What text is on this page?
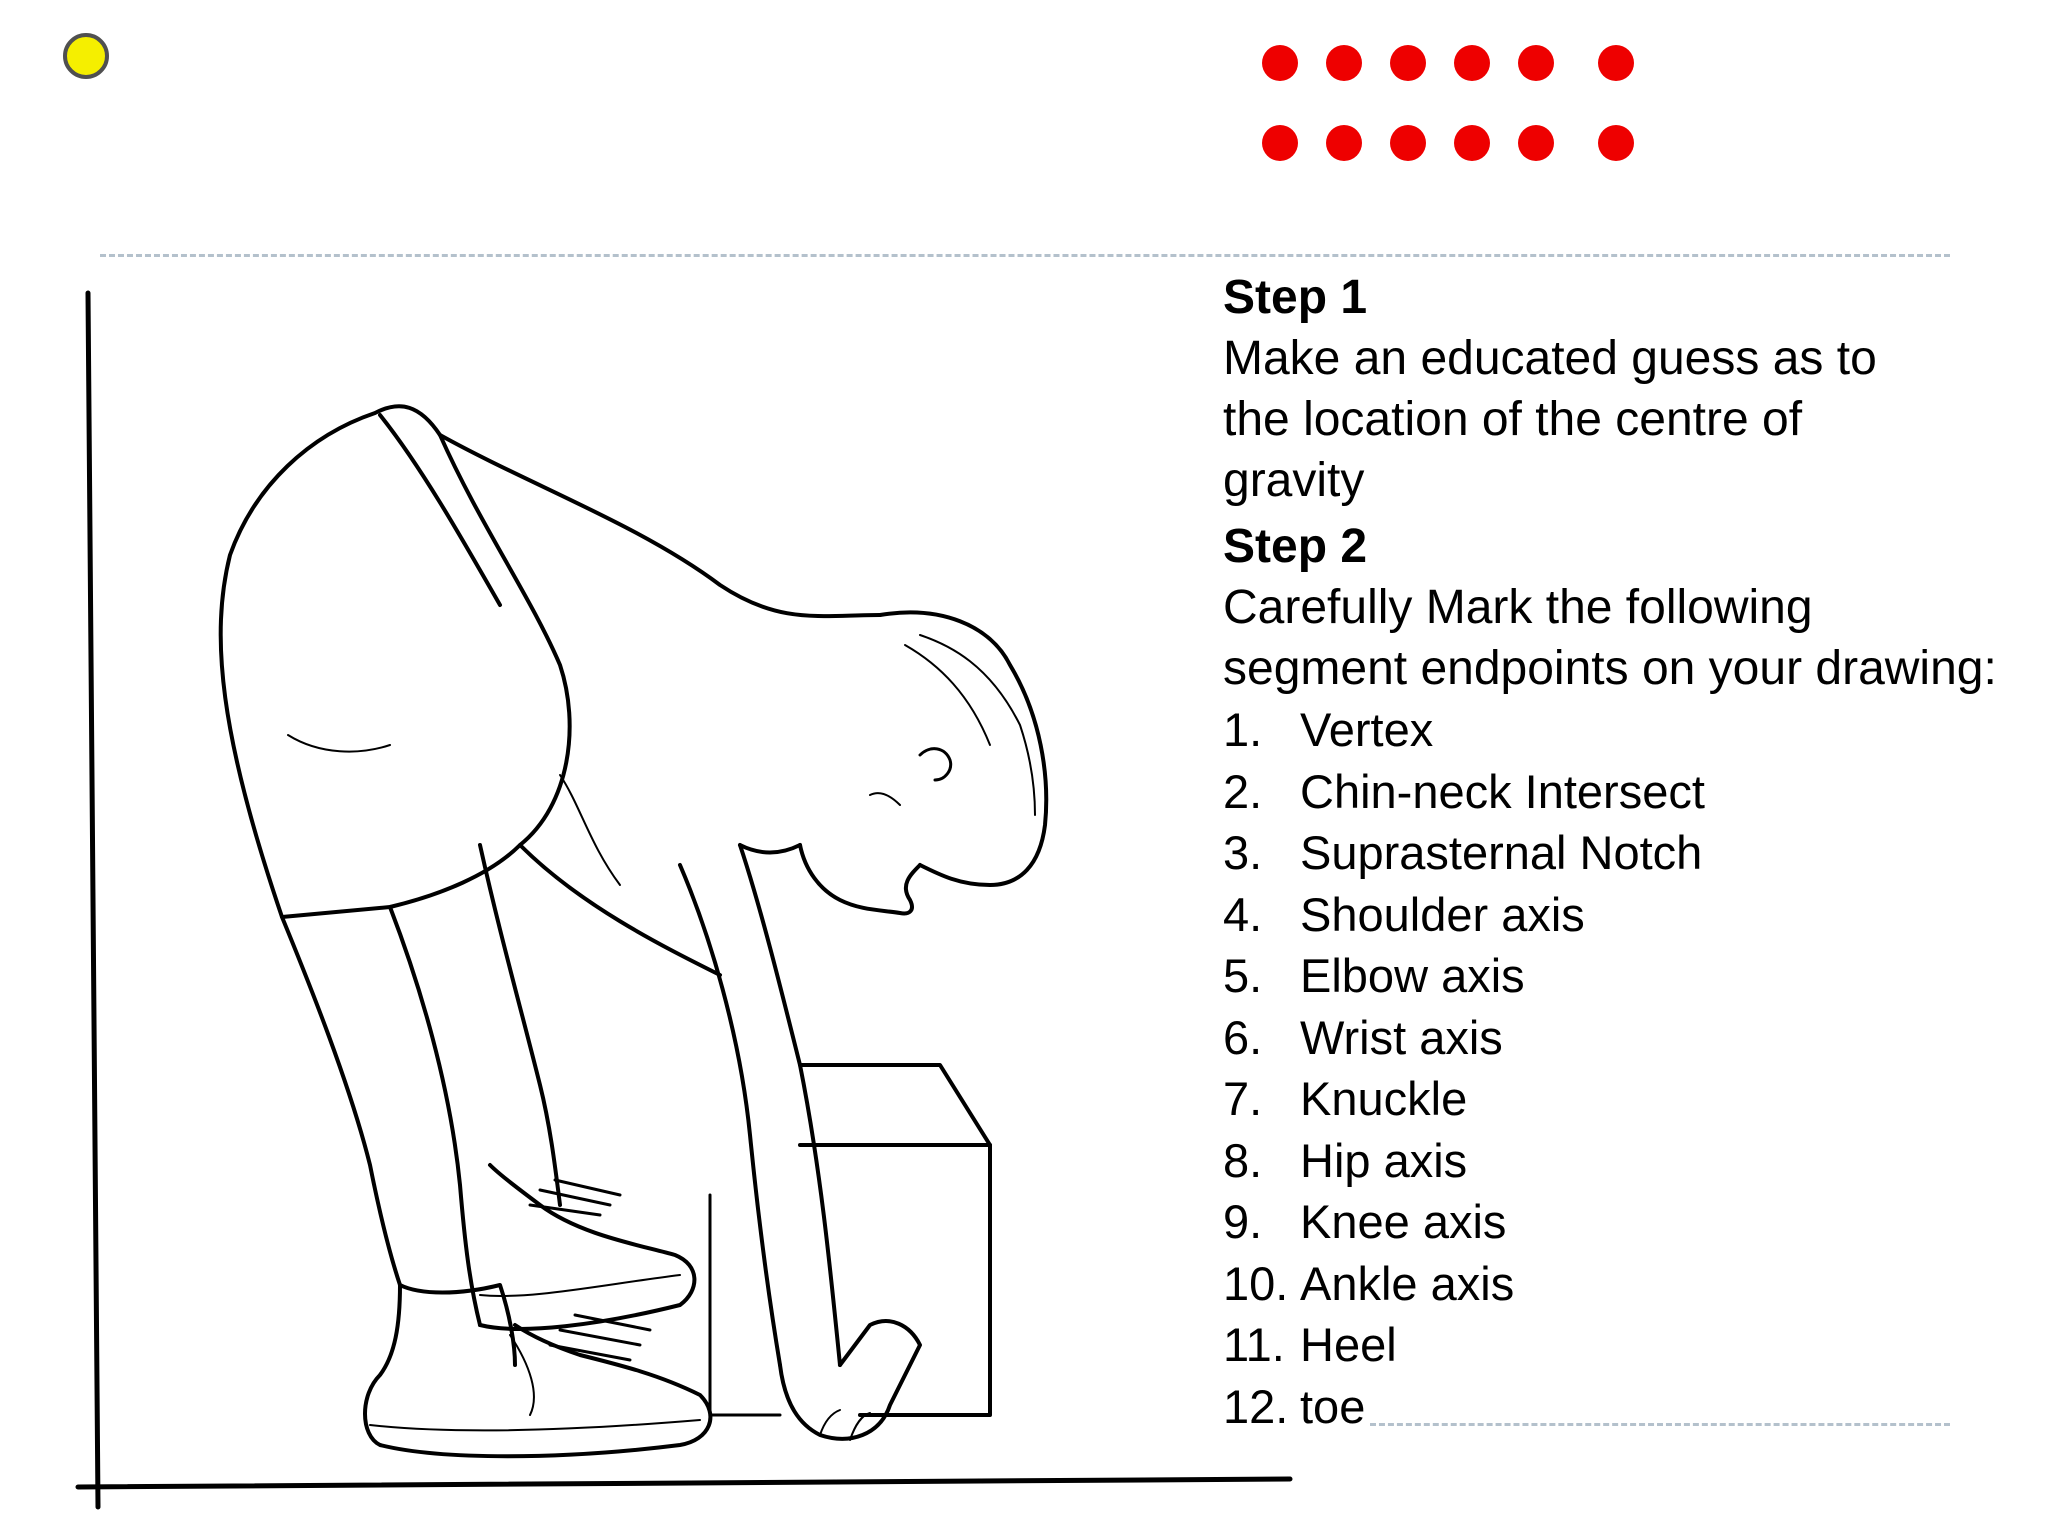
Step 1

Make an educated guess as to
the location of the centre of
gravity

Step 2

Carefully Mark the following
segment endpoints on your drawing:

1. Vertex
2. Chin-neck Intersect
3. Suprasternal Notch
4. Shoulder axis
5. Elbow axis
6. Wrist axis
7. Knuckle
8. Hip axis
9. Knee axis
10. Ankle axis
11. Heel
12. toe
